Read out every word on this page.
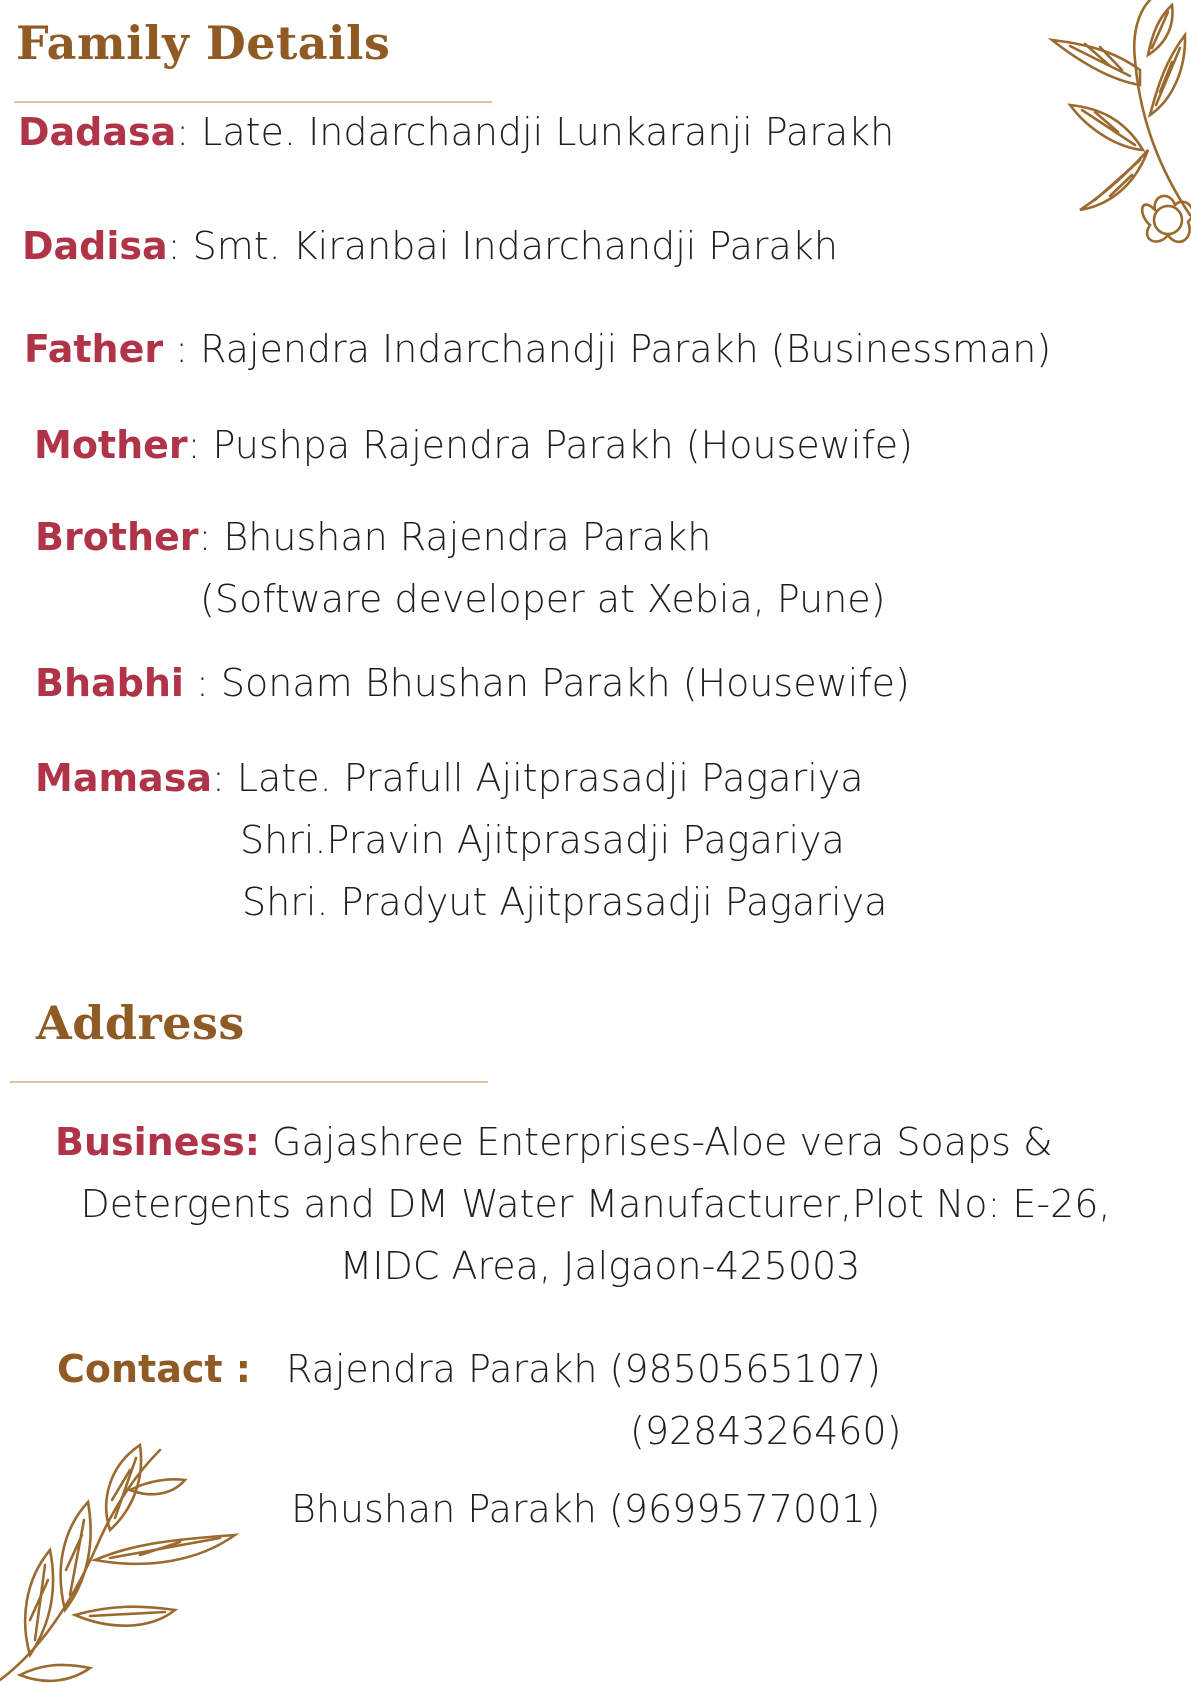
Family Details
Dadasa: Late. Indarchandji Lunkaranji Parakh
Dadisa: Smt. Kiranbai Indarchandji Parakh
Father : Rajendra Indarchandji Parakh (Businessman)
Mother: Pushpa Rajendra Parakh (Housewife)
Brother: Bhushan Rajendra Parakh
(Software developer at Xebia, Pune)
Bhabhi : Sonam Bhushan Parakh (Housewife)
Mamasa: Late. Prafull Ajitprasadji Pagariya
Shri.Pravin Ajitprasadji Pagariya
Shri. Pradyut Ajitprasadji Pagariya
Address
Business: Gajashree Enterprises-Aloe vera Soaps &
Detergents and DM Water Manufacturer,Plot No: E-26,
MIDC Area, Jalgaon-425003
Contact : Rajendra Parakh (9850565107)
(9284326460)
Bhushan Parakh (9699577001)
